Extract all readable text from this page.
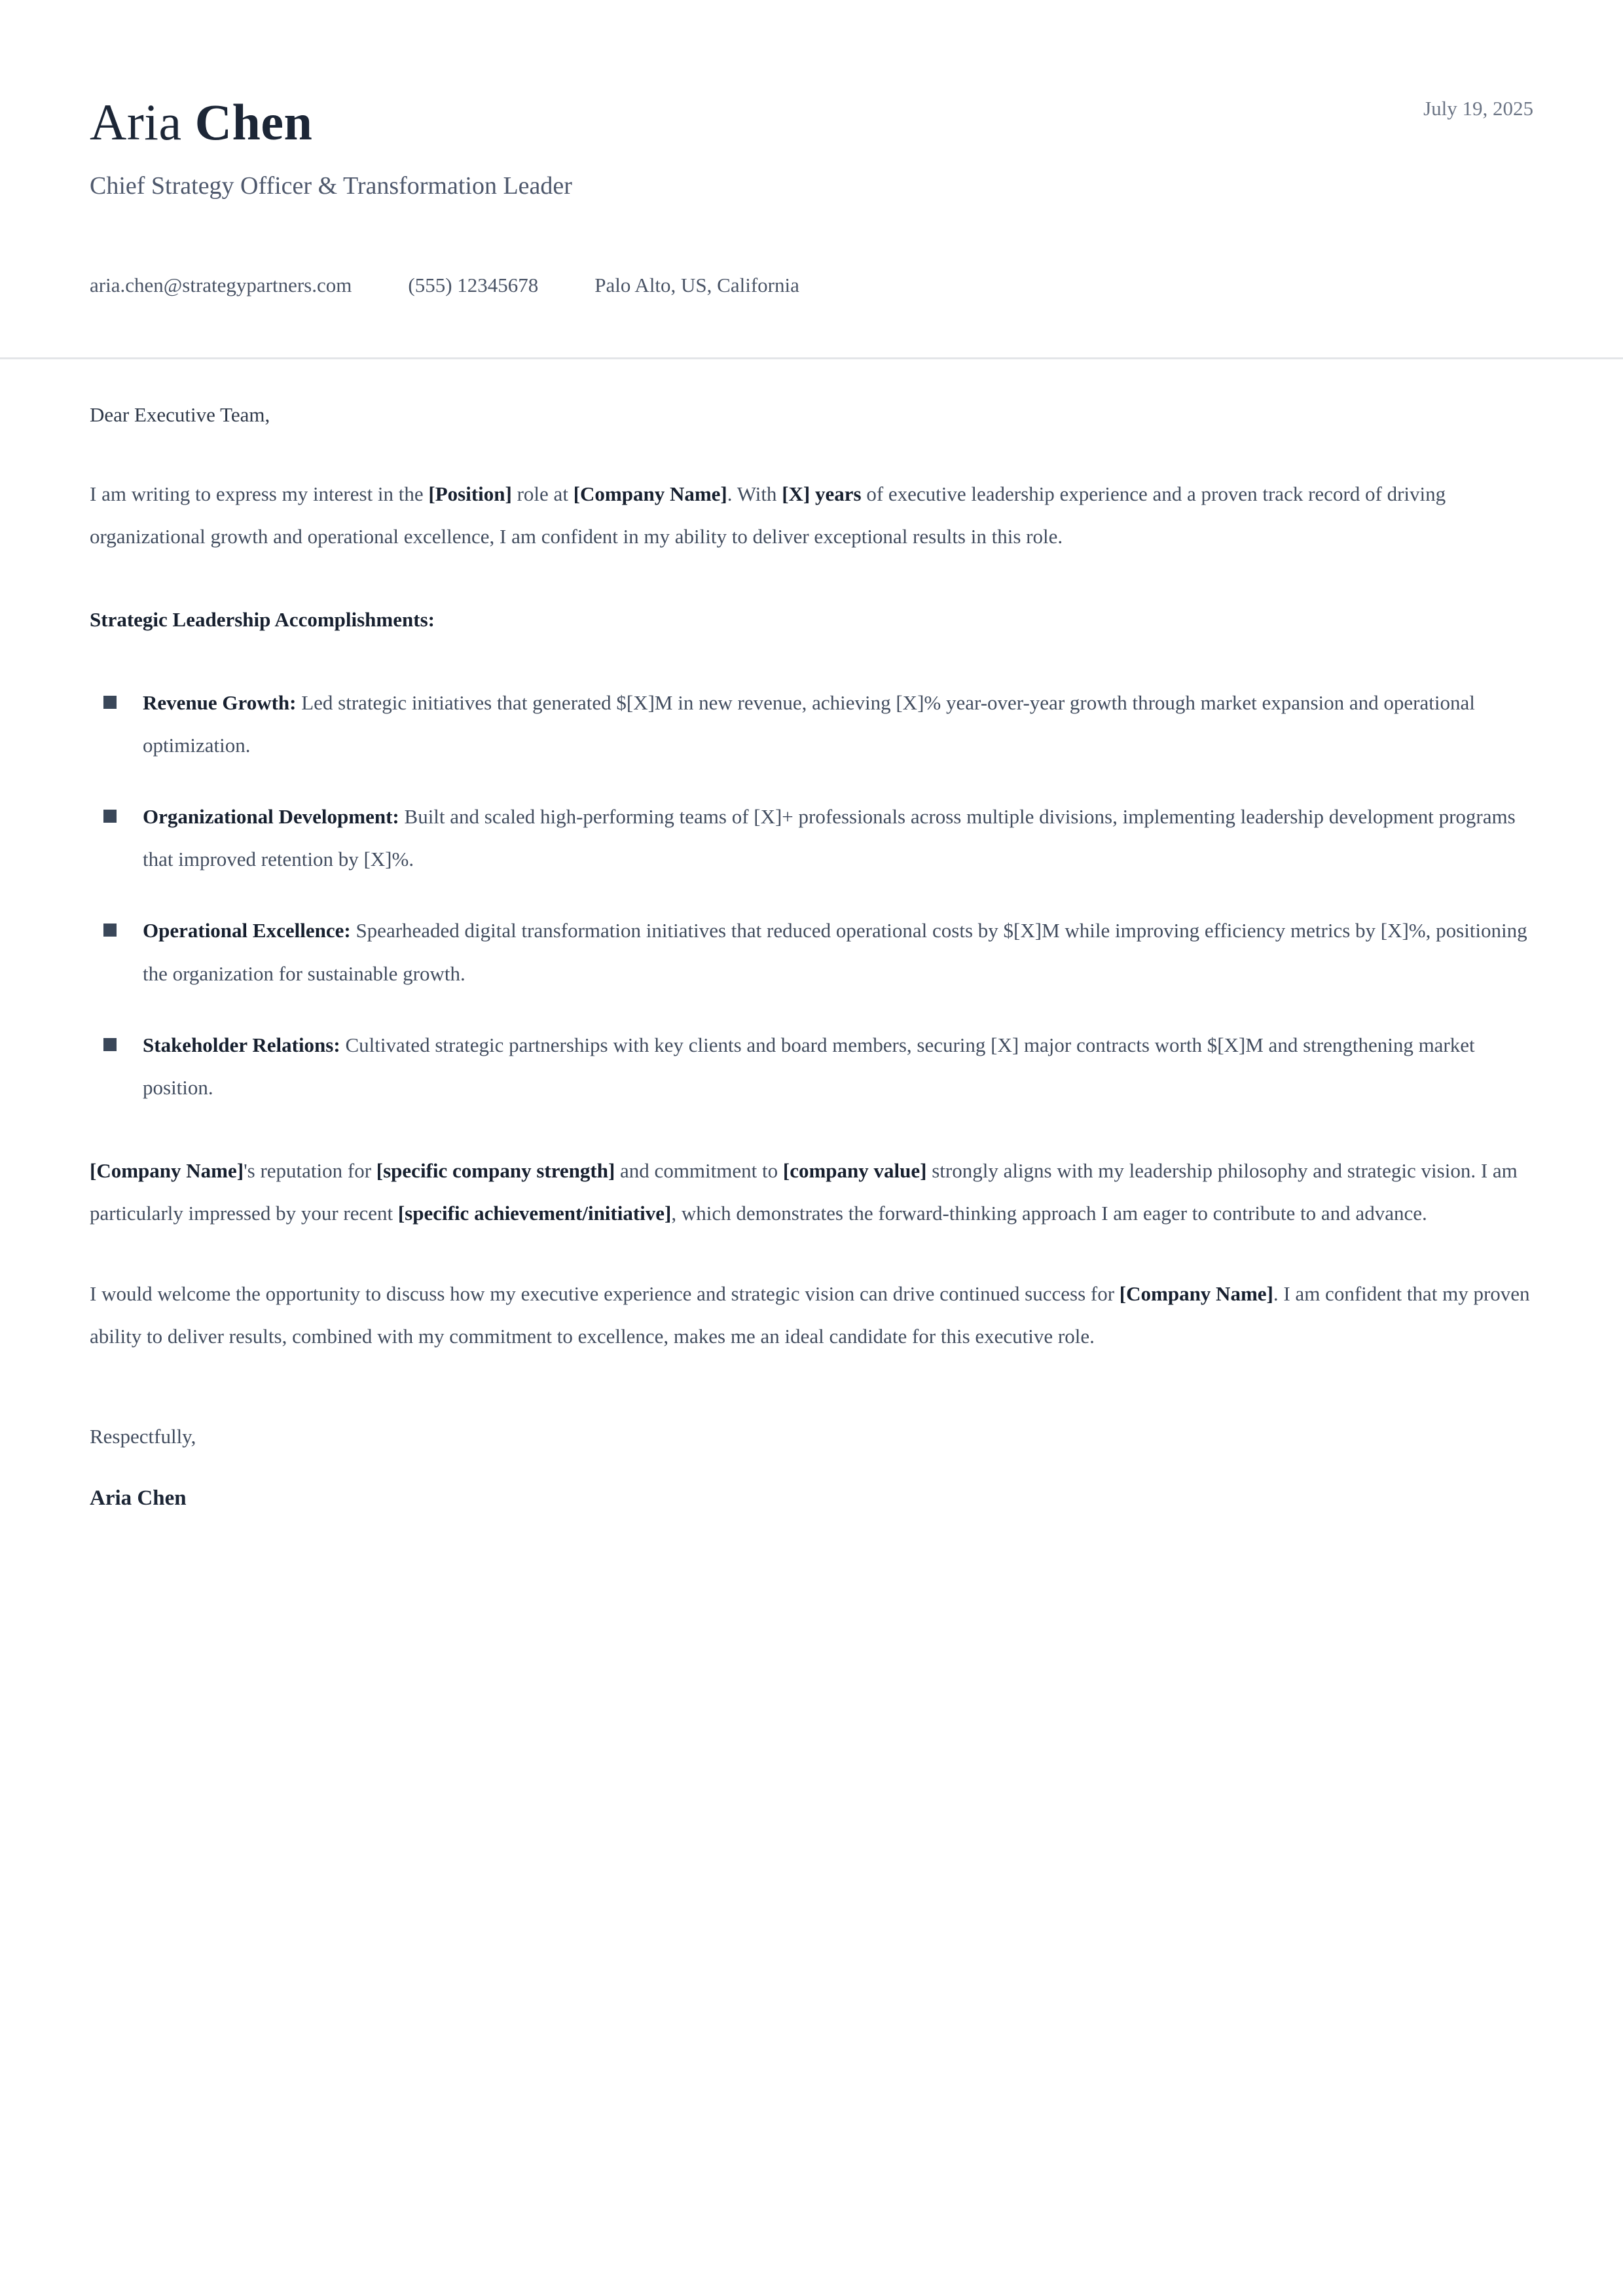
Aria Chen	July 19, 2025
Chief Strategy Officer & Transformation Leader
aria.chen@strategypartners.com	(555) 12345678	Palo Alto, US, California
Dear Executive Team,

I am writing to express my interest in the [Position] role at [Company Name]. With [X] years of executive leadership experience and a proven track record of driving organizational growth and operational excellence, I am confident in my ability to deliver exceptional results in this role.

Strategic Leadership Accomplishments:
Revenue Growth: Led strategic initiatives that generated $[X]M in new revenue, achieving [X]% year-over-year growth through market expansion and operational optimization.
Organizational Development: Built and scaled high-performing teams of [X]+ professionals across multiple divisions, implementing leadership development programs that improved retention by [X]%.
Operational Excellence: Spearheaded digital transformation initiatives that reduced operational costs by $[X]M while improving efficiency metrics by [X]%, positioning the organization for sustainable growth.
Stakeholder Relations: Cultivated strategic partnerships with key clients and board members, securing [X] major contracts worth $[X]M and strengthening market position.

[Company Name]'s reputation for [specific company strength] and commitment to [company value] strongly aligns with my leadership philosophy and strategic vision. I am particularly impressed by your recent [specific achievement/initiative], which demonstrates the forward-thinking approach I am eager to contribute to and advance.

I would welcome the opportunity to discuss how my executive experience and strategic vision can drive continued success for [Company Name]. I am confident that my proven ability to deliver results, combined with my commitment to excellence, makes me an ideal candidate for this executive role.

Respectfully,
Aria Chen
